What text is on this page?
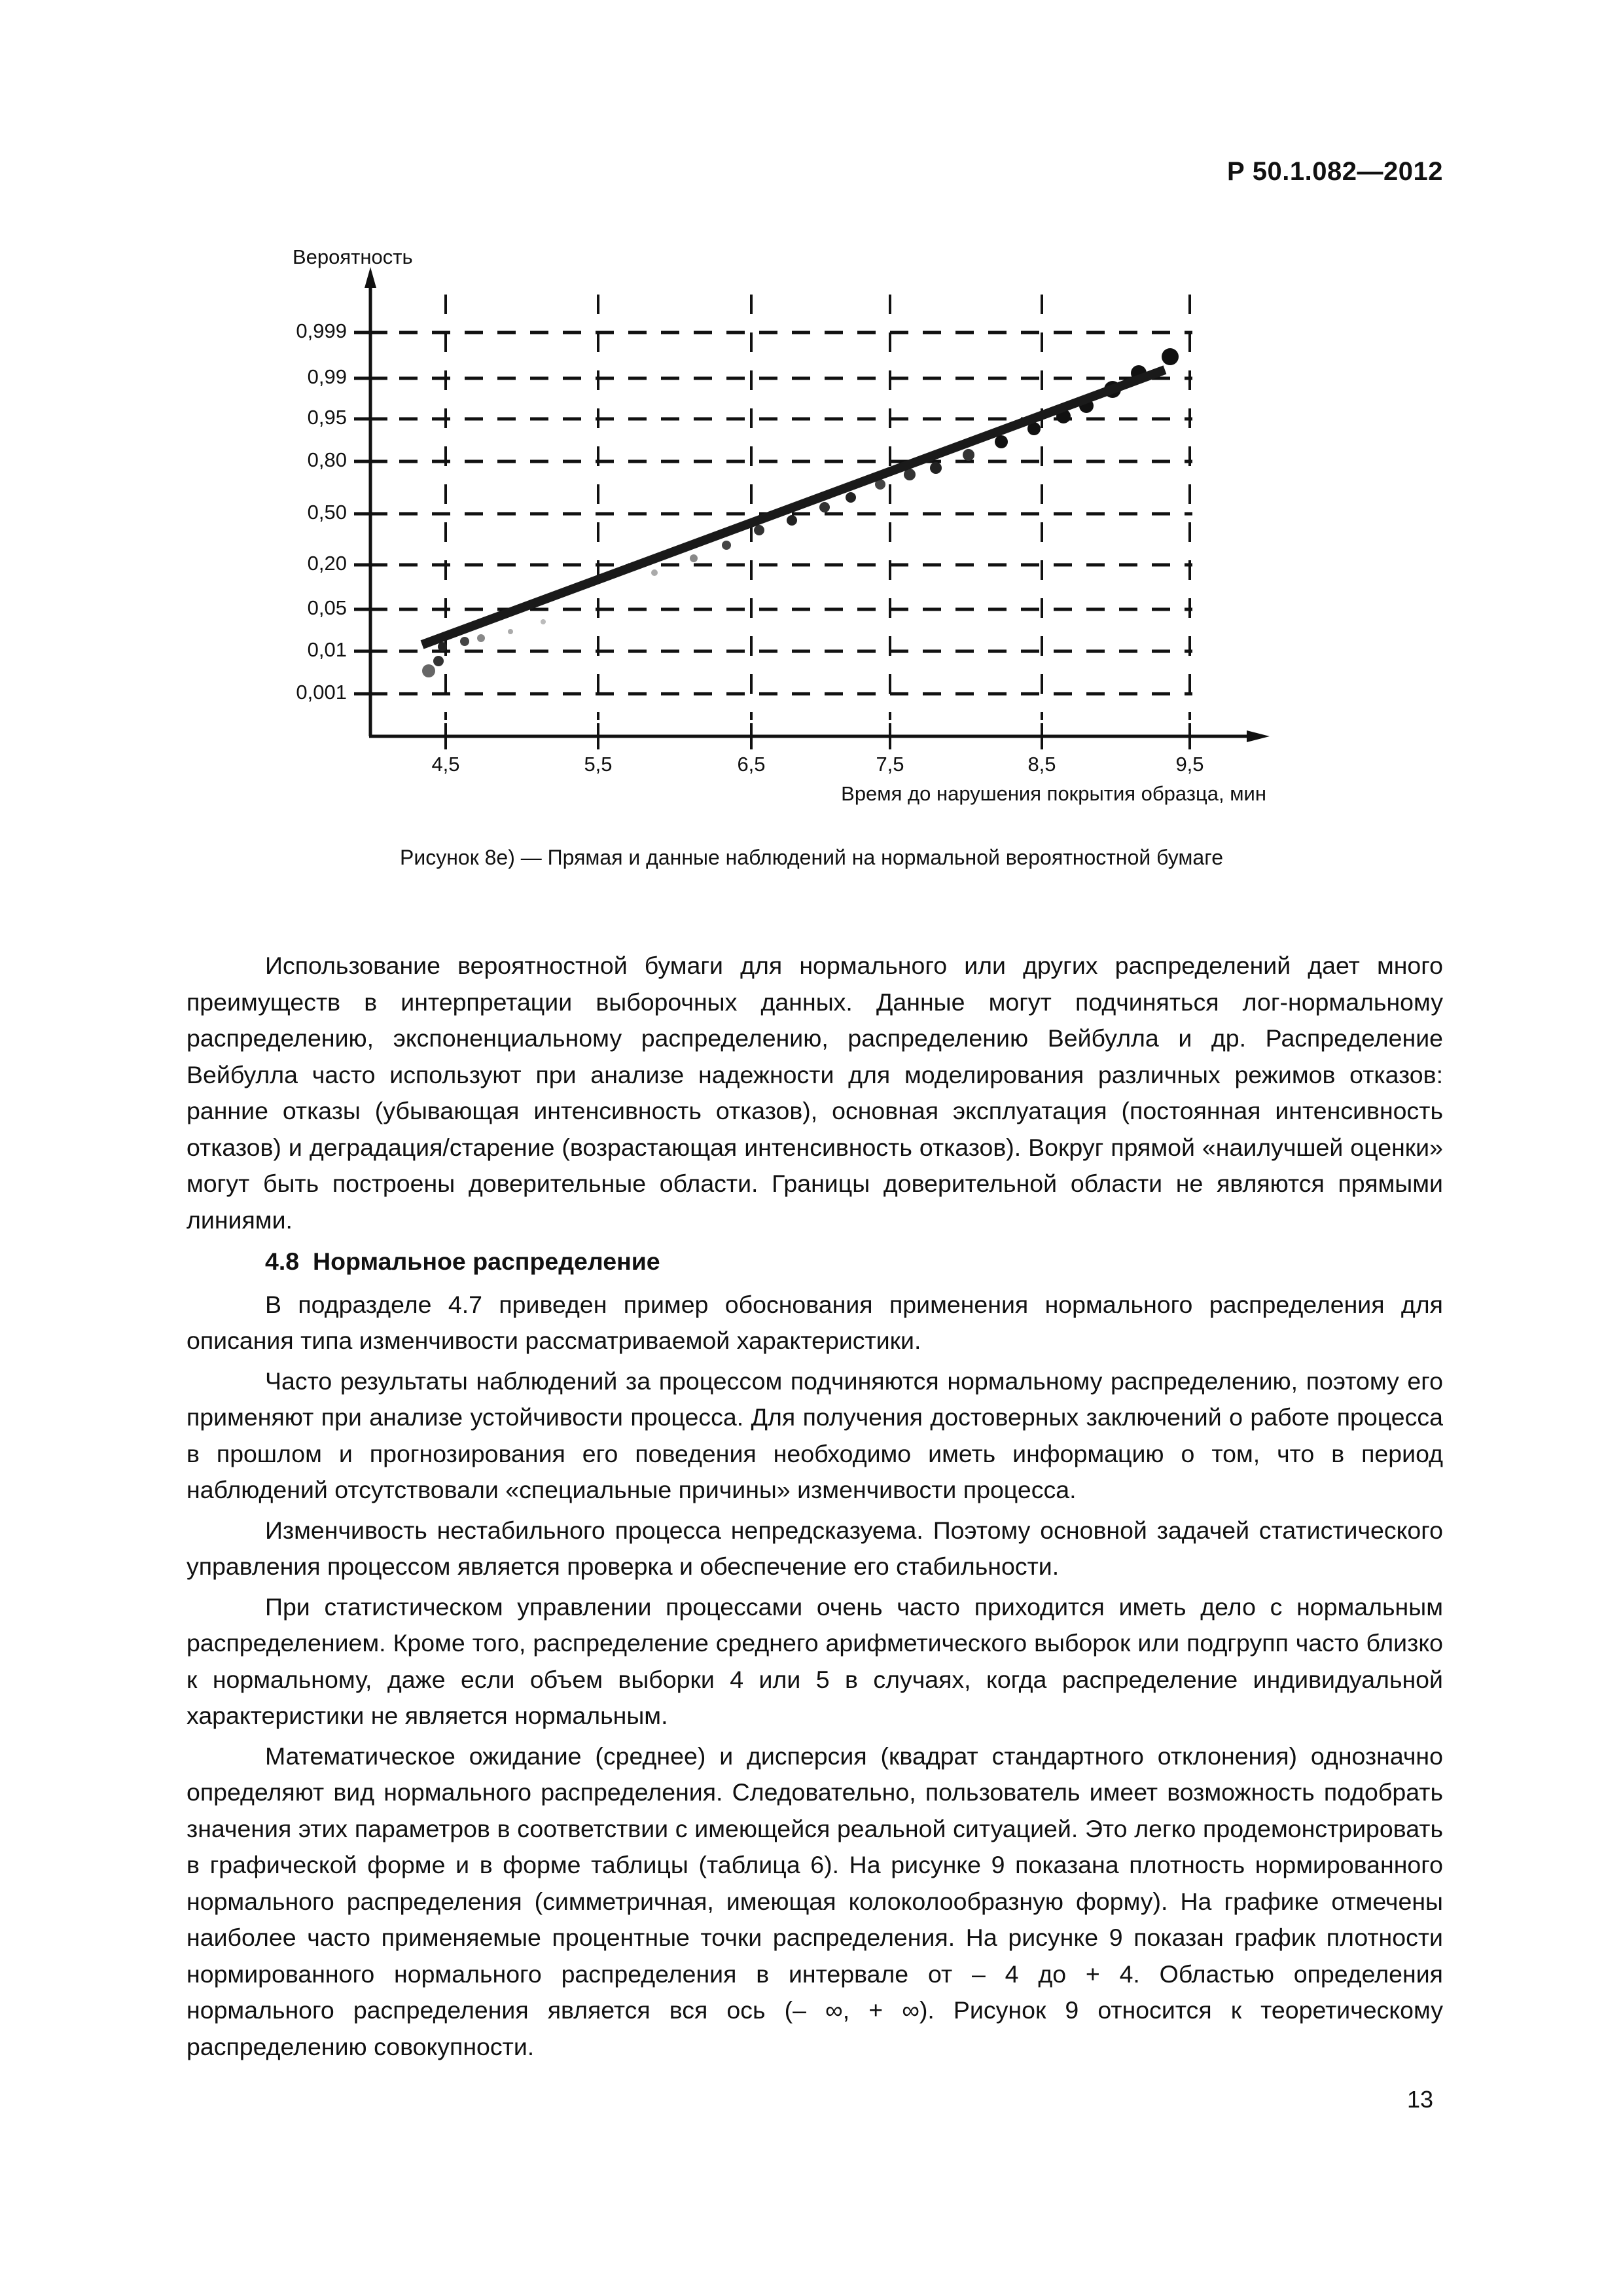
Р 50.1.082—2012
Вероятность
0,999
0,99
0,95
0,80
0,50
0,20
0,05
0,01
0,001
4,5	5,5	6,5	7,5	8,5	9,5
Время до нарушения покрытия образца, мин
Рисунок 8е) — Прямая и данные наблюдений на нормальной вероятностной бумаге

Использование вероятностной бумаги для нормального или других распределений дает много преимуществ в интерпретации выборочных данных. Данные могут подчиняться лог-нормальному распределению, экспоненциальному распределению, распределению Вейбулла и др. Распределение Вейбулла часто используют при анализе надежности для моделирования различных режимов отказов: ранние отказы (убывающая интенсивность отказов), основная эксплуатация (постоянная интенсивность отказов) и деградация/старение (возрастающая интенсивность отказов). Вокруг прямой «наилучшей оценки» могут быть построены доверительные области. Границы доверительной области не являются прямыми линиями.

4.8 Нормальное распределение

В подразделе 4.7 приведен пример обоснования применения нормального распределения для описания типа изменчивости рассматриваемой характеристики.

Часто результаты наблюдений за процессом подчиняются нормальному распределению, поэтому его применяют при анализе устойчивости процесса. Для получения достоверных заключений о работе процесса в прошлом и прогнозирования его поведения необходимо иметь информацию о том, что в период наблюдений отсутствовали «специальные причины» изменчивости процесса.

Изменчивость нестабильного процесса непредсказуема. Поэтому основной задачей статистического управления процессом является проверка и обеспечение его стабильности.

При статистическом управлении процессами очень часто приходится иметь дело с нормальным распределением. Кроме того, распределение среднего арифметического выборок или подгрупп часто близко к нормальному, даже если объем выборки 4 или 5 в случаях, когда распределение индивидуальной характеристики не является нормальным.

Математическое ожидание (среднее) и дисперсия (квадрат стандартного отклонения) однозначно определяют вид нормального распределения. Следовательно, пользователь имеет возможность подобрать значения этих параметров в соответствии с имеющейся реальной ситуацией. Это легко продемонстрировать в графической форме и в форме таблицы (таблица 6). На рисунке 9 показана плотность нормированного нормального распределения (симметричная, имеющая колоколообразную форму). На графике отмечены наиболее часто применяемые процентные точки распределения. На рисунке 9 показан график плотности нормированного нормального распределения в интервале от – 4 до + 4. Областью определения нормального распределения является вся ось (– ∞, + ∞). Рисунок 9 относится к теоретическому распределению совокупности.

13
